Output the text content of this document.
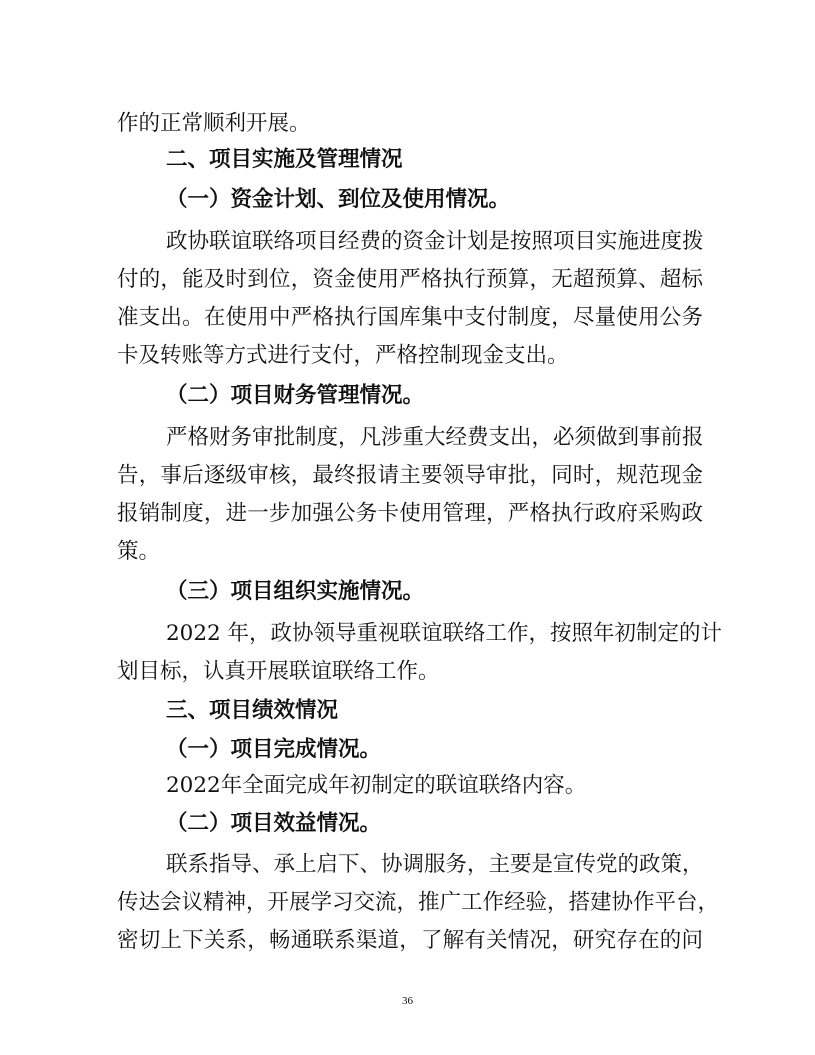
作的正常顺利开展。
二、项目实施及管理情况
（一）资金计划、到位及使用情况。
政协联谊联络项目经费的资金计划是按照项目实施进度拨
付的，能及时到位，资金使用严格执行预算，无超预算、超标
准支出。在使用中严格执行国库集中支付制度，尽量使用公务
卡及转账等方式进行支付，严格控制现金支出。
（二）项目财务管理情况。
严格财务审批制度，凡涉重大经费支出，必须做到事前报
告，事后逐级审核，最终报请主要领导审批，同时，规范现金
报销制度，进一步加强公务卡使用管理，严格执行政府采购政
策。
（三）项目组织实施情况。
2022 年，政协领导重视联谊联络工作，按照年初制定的计
划目标，认真开展联谊联络工作。
三、项目绩效情况
（一）项目完成情况。
2022年全面完成年初制定的联谊联络内容。
（二）项目效益情况。
联系指导、承上启下、协调服务，主要是宣传党的政策，
传达会议精神，开展学习交流，推广工作经验，搭建协作平台，
密切上下关系，畅通联系渠道，了解有关情况，研究存在的问
36
